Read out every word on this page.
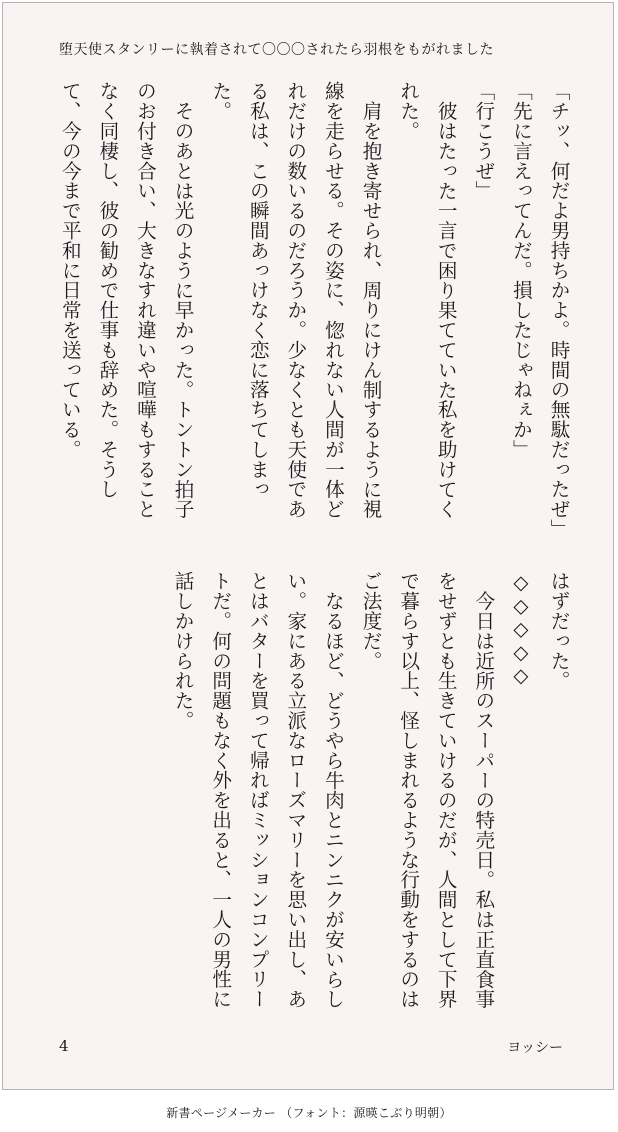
堕天使スタンリーに執着されて〇〇〇されたら羽根をもがれました

「チッ、何だよ男持ちかよ。時間の無駄だったぜ」

「先に言えってんだ。損したじゃねぇか」

「行こうぜ」

彼はたった一言で困り果てていた私を助けてくれた。

肩を抱き寄せられ、周りにけん制するように視線を走らせる。その姿に、惚れない人間が一体どれだけの数いるのだろうか。少なくとも天使である私は、この瞬間あっけなく恋に落ちてしまった。

そのあとは光のように早かった。トントン拍子のお付き合い、大きなすれ違いや喧嘩もすることなく同棲し、彼の勧めで仕事も辞めた。そうして、今の今まで平和に日常を送っている。

はずだった。

◇◇◇◇◇

今日は近所のスーパーの特売日。私は正直食事をせずとも生きていけるのだが、人間として下界で暮らす以上、怪しまれるような行動をするのはご法度だ。

なるほど、どうやら牛肉とニンニクが安いらしい。家にある立派なローズマリーを思い出し、あとはバターを買って帰ればミッションコンプリートだ。何の問題もなく外を出ると、一人の男性に話しかけられた。

4	ヨッシー
新書ページメーカー （フォント：源暎こぶり明朝）
